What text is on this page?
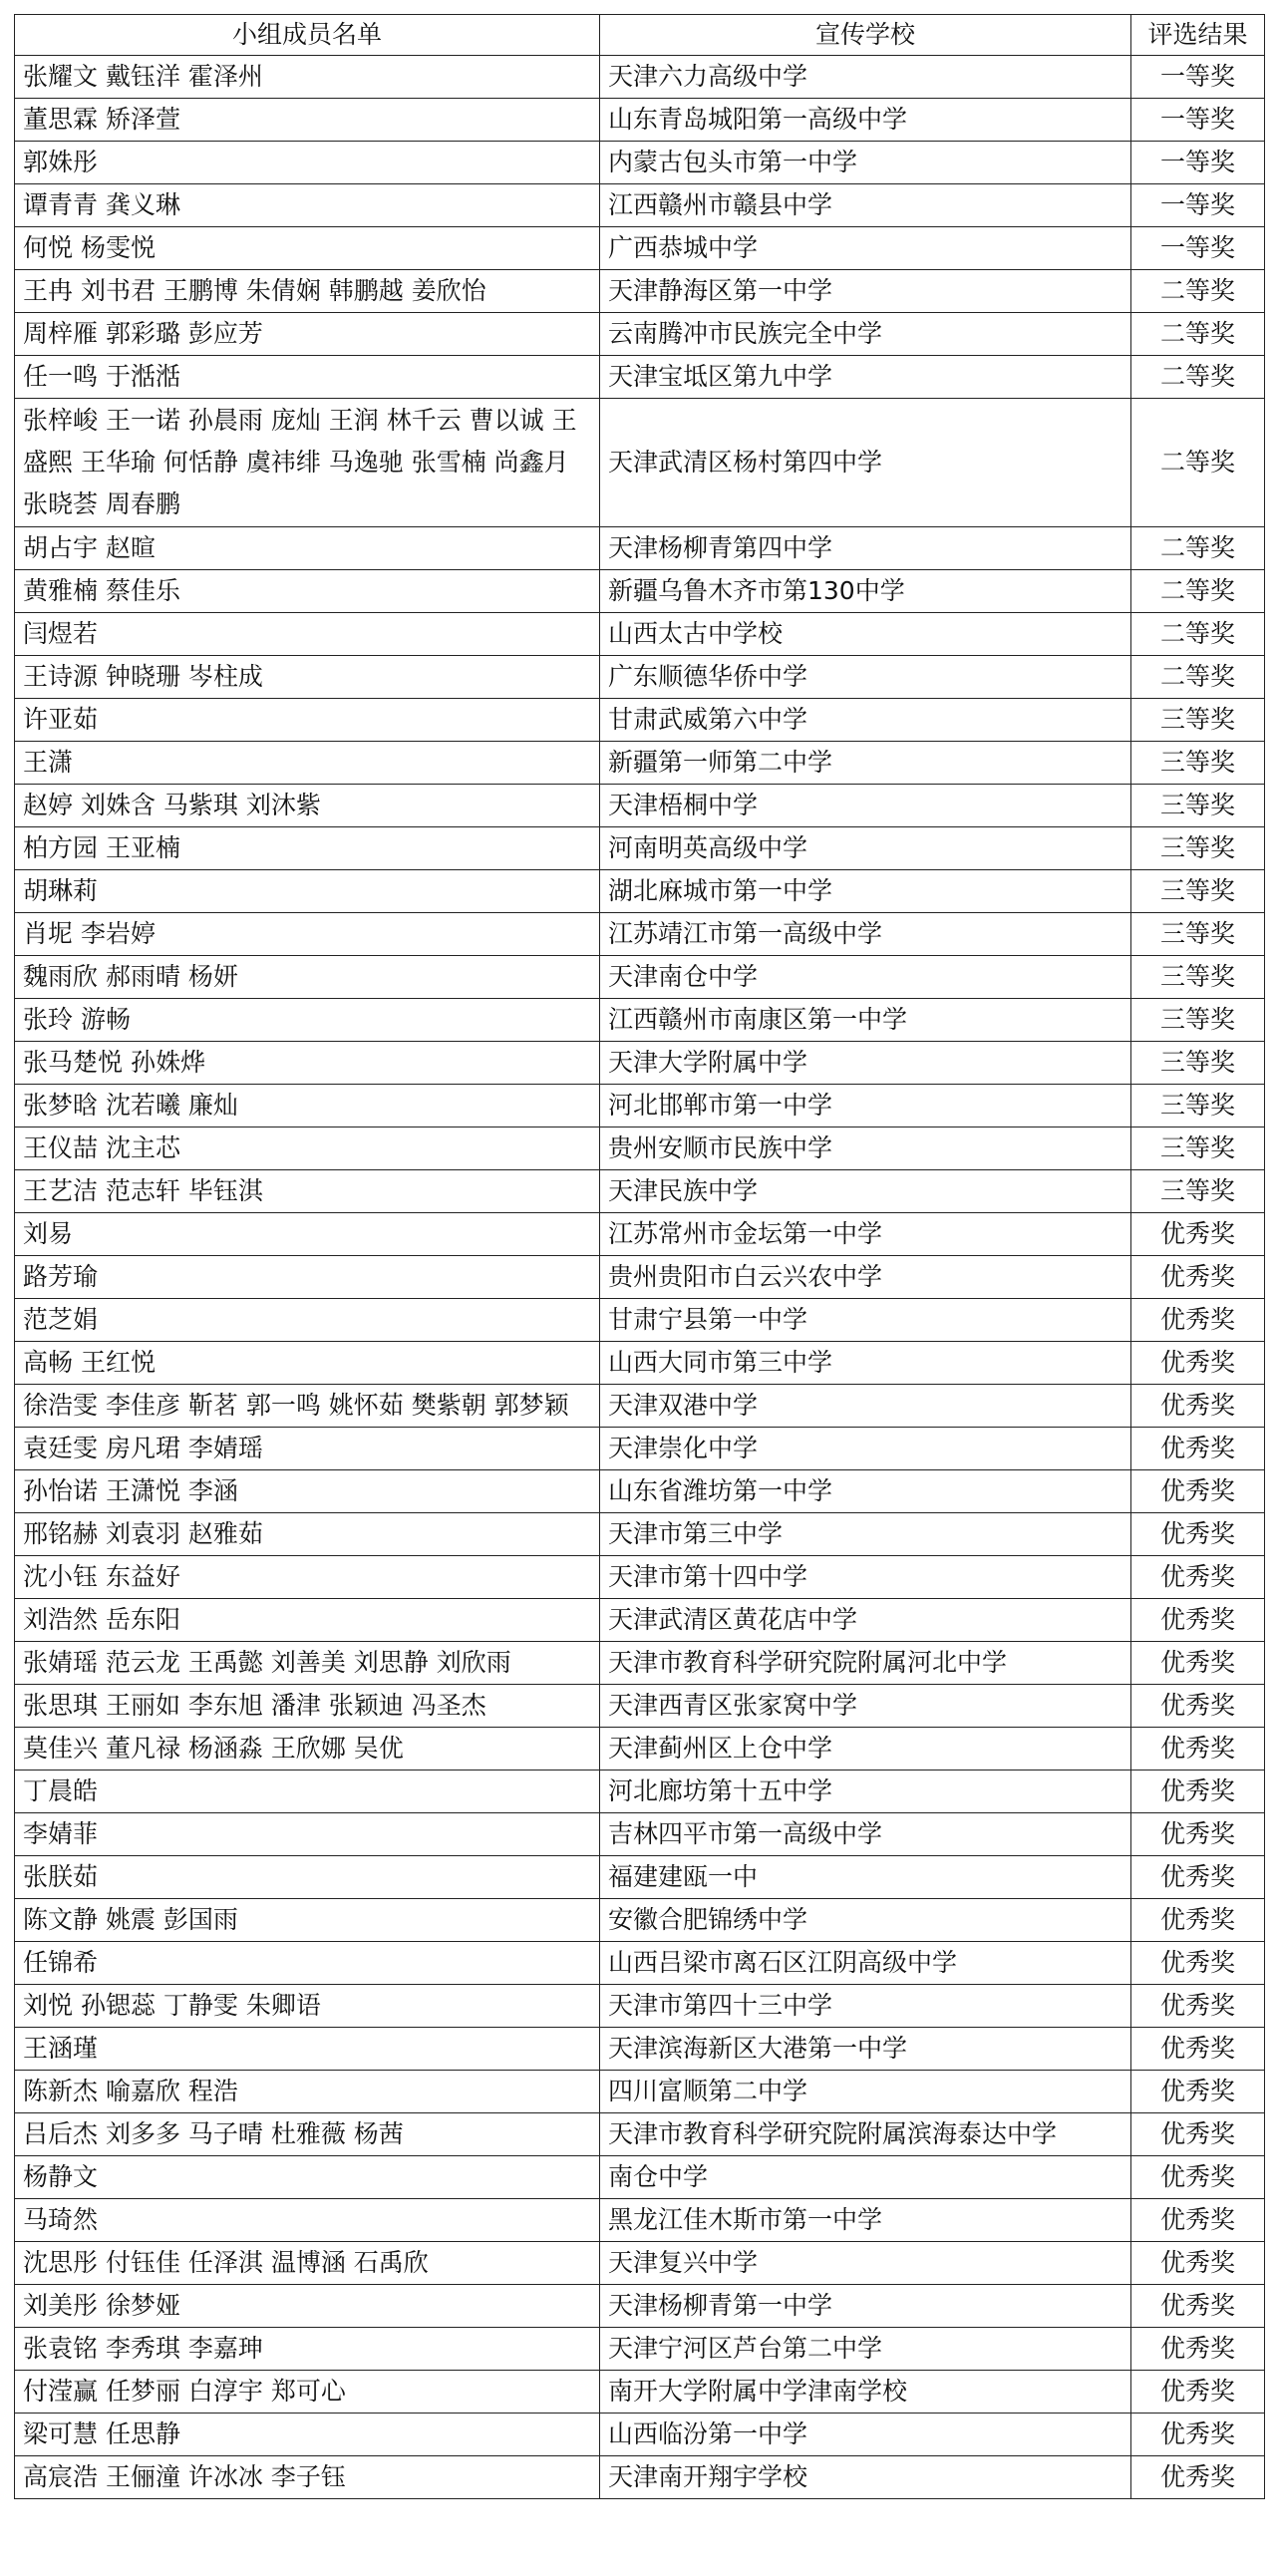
小组成员名单	宣传学校	评选结果
张耀文 戴钰洋 霍泽州	天津六力高级中学	一等奖
董思霖 矫泽萱	山东青岛城阳第一高级中学	一等奖
郭姝彤	内蒙古包头市第一中学	一等奖
谭青青 龚义琳	江西赣州市赣县中学	一等奖
何悦 杨雯悦	广西恭城中学	一等奖
王冉 刘书君 王鹏博 朱倩娴 韩鹏越 姜欣怡	天津静海区第一中学	二等奖
周梓雁 郭彩璐 彭应芳	云南腾冲市民族完全中学	二等奖
任一鸣 于湉湉	天津宝坻区第九中学	二等奖
张梓峻 王一诺 孙晨雨 庞灿 王润 林千云 曹以诚 王盛熙 王华瑜 何恬静 虞祎绯 马逸驰 张雪楠 尚鑫月 张晓荟 周春鹏	天津武清区杨村第四中学	二等奖
胡占宇 赵暄	天津杨柳青第四中学	二等奖
黄雅楠 蔡佳乐	新疆乌鲁木齐市第130中学	二等奖
闫煜若	山西太古中学校	二等奖
王诗源 钟晓珊 岑柱成	广东顺德华侨中学	二等奖
许亚茹	甘肃武威第六中学	三等奖
王潇	新疆第一师第二中学	三等奖
赵婷 刘姝含 马紫琪 刘沐紫	天津梧桐中学	三等奖
柏方园 王亚楠	河南明英高级中学	三等奖
胡琳莉	湖北麻城市第一中学	三等奖
肖坭 李岩婷	江苏靖江市第一高级中学	三等奖
魏雨欣 郝雨晴 杨妍	天津南仓中学	三等奖
张玲 游畅	江西赣州市南康区第一中学	三等奖
张马楚悦 孙姝烨	天津大学附属中学	三等奖
张梦晗 沈若曦 廉灿	河北邯郸市第一中学	三等奖
王仪喆 沈主芯	贵州安顺市民族中学	三等奖
王艺洁 范志轩 毕钰淇	天津民族中学	三等奖
刘易	江苏常州市金坛第一中学	优秀奖
路芳瑜	贵州贵阳市白云兴农中学	优秀奖
范芝娟	甘肃宁县第一中学	优秀奖
高畅 王红悦	山西大同市第三中学	优秀奖
徐浩雯 李佳彦 靳茗 郭一鸣 姚怀茹 樊紫朝 郭梦颖	天津双港中学	优秀奖
袁廷雯 房凡珺 李婧瑶	天津崇化中学	优秀奖
孙怡诺 王潇悦 李涵	山东省潍坊第一中学	优秀奖
邢铭赫 刘袁羽 赵雅茹	天津市第三中学	优秀奖
沈小钰 东益好	天津市第十四中学	优秀奖
刘浩然 岳东阳	天津武清区黄花店中学	优秀奖
张婧瑶 范云龙 王禹懿 刘善美 刘思静 刘欣雨	天津市教育科学研究院附属河北中学	优秀奖
张思琪 王丽如 李东旭 潘津 张颖迪 冯圣杰	天津西青区张家窝中学	优秀奖
莫佳兴 董凡禄 杨涵淼 王欣娜 吴优	天津蓟州区上仓中学	优秀奖
丁晨皓	河北廊坊第十五中学	优秀奖
李婧菲	吉林四平市第一高级中学	优秀奖
张朕茹	福建建瓯一中	优秀奖
陈文静 姚震 彭国雨	安徽合肥锦绣中学	优秀奖
任锦希	山西吕梁市离石区江阴高级中学	优秀奖
刘悦 孙锶蕊 丁静雯 朱卿语	天津市第四十三中学	优秀奖
王涵瑾	天津滨海新区大港第一中学	优秀奖
陈新杰 喻嘉欣 程浩	四川富顺第二中学	优秀奖
吕后杰 刘多多 马子晴 杜雅薇 杨茜	天津市教育科学研究院附属滨海泰达中学	优秀奖
杨静文	南仓中学	优秀奖
马琦然	黑龙江佳木斯市第一中学	优秀奖
沈思彤 付钰佳 任泽淇 温博涵 石禹欣	天津复兴中学	优秀奖
刘美彤 徐梦娅	天津杨柳青第一中学	优秀奖
张袁铭 李秀琪 李嘉珅	天津宁河区芦台第二中学	优秀奖
付滢赢 任梦丽 白淳宇 郑可心	南开大学附属中学津南学校	优秀奖
梁可慧 任思静	山西临汾第一中学	优秀奖
高宸浩 王俪潼 许冰冰 李子钰	天津南开翔宇学校	优秀奖
